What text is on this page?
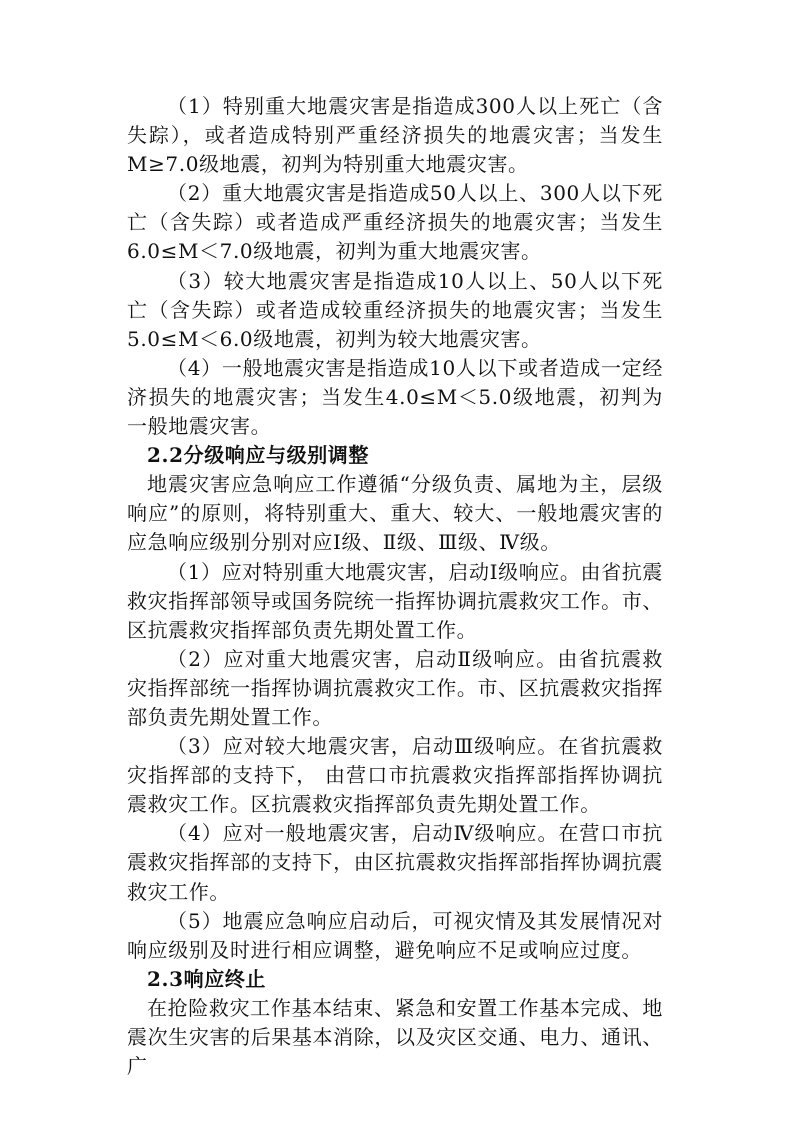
（1）特别重大地震灾害是指造成300人以上死亡（含失踪），或者造成特别严重经济损失的地震灾害；当发生M≥7.0级地震，初判为特别重大地震灾害。

（2）重大地震灾害是指造成50人以上、300人以下死亡（含失踪）或者造成严重经济损失的地震灾害；当发生6.0≤M＜7.0级地震，初判为重大地震灾害。

（3）较大地震灾害是指造成10人以上、50人以下死亡（含失踪）或者造成较重经济损失的地震灾害；当发生5.0≤M＜6.0级地震，初判为较大地震灾害。

（4）一般地震灾害是指造成10人以下或者造成一定经济损失的地震灾害；当发生4.0≤M＜5.0级地震，初判为一般地震灾害。

2.2分级响应与级别调整

地震灾害应急响应工作遵循“分级负责、属地为主，层级响应”的原则，将特别重大、重大、较大、一般地震灾害的应急响应级别分别对应Ⅰ级、Ⅱ级、Ⅲ级、Ⅳ级。

（1）应对特别重大地震灾害，启动Ⅰ级响应。由省抗震救灾指挥部领导或国务院统一指挥协调抗震救灾工作。市、区抗震救灾指挥部负责先期处置工作。

（2）应对重大地震灾害，启动Ⅱ级响应。由省抗震救灾指挥部统一指挥协调抗震救灾工作。市、区抗震救灾指挥部负责先期处置工作。

（3）应对较大地震灾害，启动Ⅲ级响应。在省抗震救灾指挥部的支持下， 由营口市抗震救灾指挥部指挥协调抗震救灾工作。区抗震救灾指挥部负责先期处置工作。

（4）应对一般地震灾害，启动Ⅳ级响应。在营口市抗震救灾指挥部的支持下，由区抗震救灾指挥部指挥协调抗震救灾工作。

（5）地震应急响应启动后，可视灾情及其发展情况对响应级别及时进行相应调整，避免响应不足或响应过度。

2.3响应终止

在抢险救灾工作基本结束、紧急和安置工作基本完成、地震次生灾害的后果基本消除，以及灾区交通、电力、通讯、广
